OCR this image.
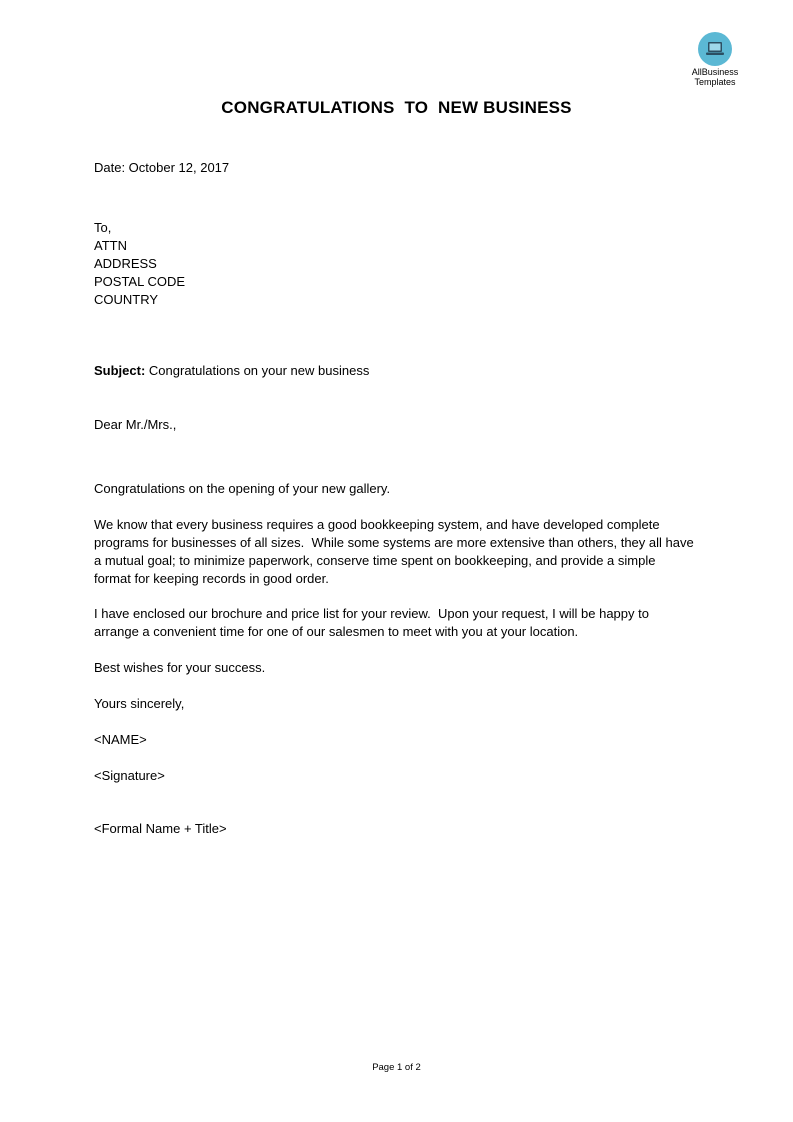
AllBusiness
Templates
CONGRATULATIONS  TO  NEW BUSINESS
Date: October 12, 2017
To,
ATTN
ADDRESS
POSTAL CODE
COUNTRY
Subject: Congratulations on your new business
Dear Mr./Mrs.,
Congratulations on the opening of your new gallery.
We know that every business requires a good bookkeeping system, and have developed complete programs for businesses of all sizes.  While some systems are more extensive than others, they all have a mutual goal; to minimize paperwork, conserve time spent on bookkeeping, and provide a simple format for keeping records in good order.
I have enclosed our brochure and price list for your review.  Upon your request, I will be happy to arrange a convenient time for one of our salesmen to meet with you at your location.
Best wishes for your success.
Yours sincerely,
<NAME>
<Signature>
<Formal Name + Title>
Page 1 of 2
